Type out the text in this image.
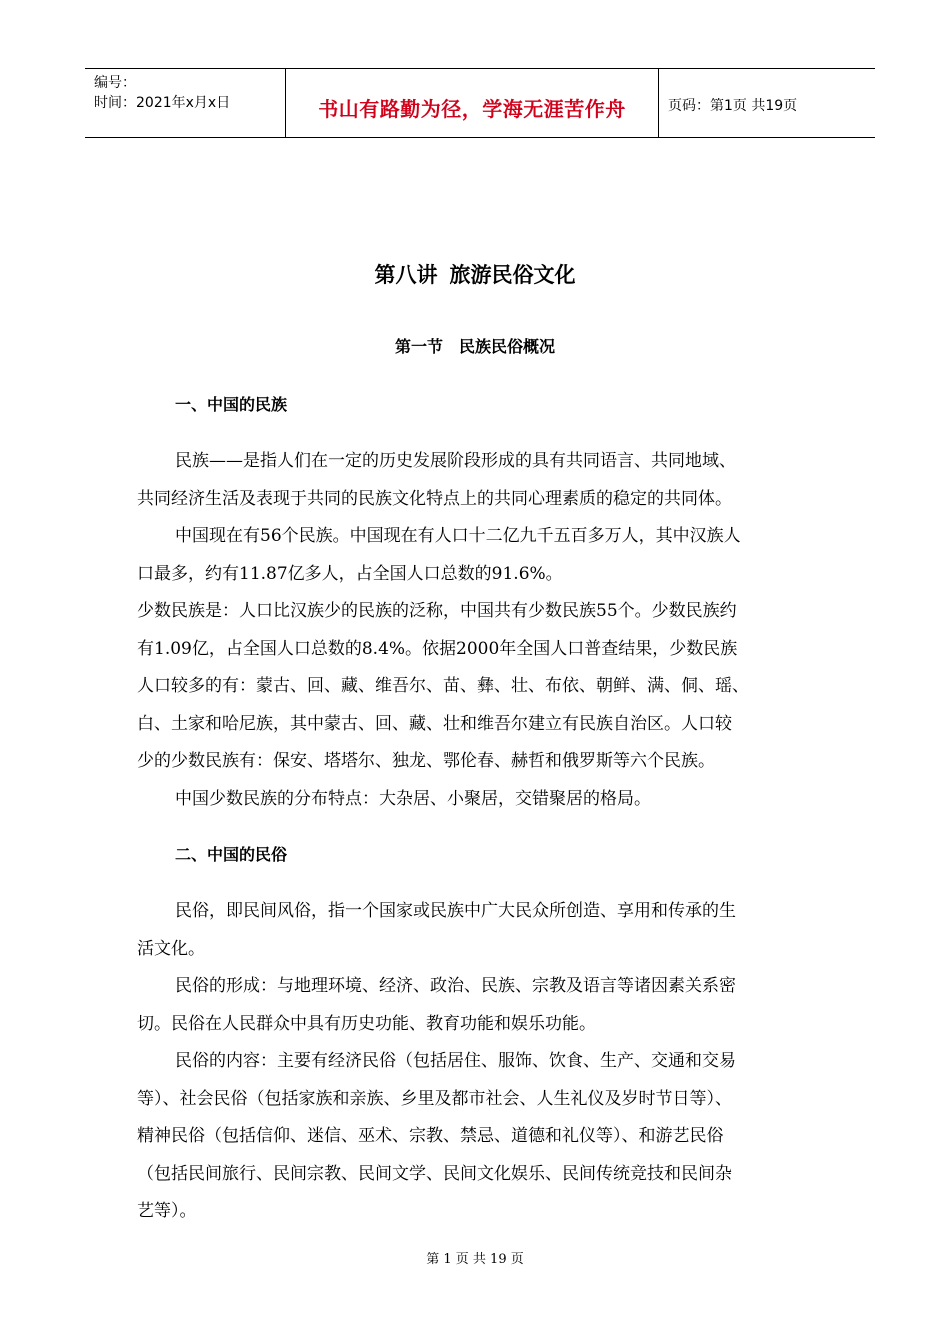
编号：
时间：2021年x月x日	书山有路勤为径，学海无涯苦作舟	页码：第1页 共19页
第八讲 旅游民俗文化
第一节 民族民俗概况
一、中国的民族
民族——是指人们在一定的历史发展阶段形成的具有共同语言、共同地域、
共同经济生活及表现于共同的民族文化特点上的共同心理素质的稳定的共同体。
中国现在有56个民族。中国现在有人口十二亿九千五百多万人，其中汉族人
口最多，约有11.87亿多人，占全国人口总数的91.6%。
少数民族是：人口比汉族少的民族的泛称，中国共有少数民族55个。少数民族约
有1.09亿，占全国人口总数的8.4%。依据2000年全国人口普查结果，少数民族
人口较多的有：蒙古、回、藏、维吾尔、苗、彝、壮、布依、朝鲜、满、侗、瑶、
白、土家和哈尼族，其中蒙古、回、藏、壮和维吾尔建立有民族自治区。人口较
少的少数民族有：保安、塔塔尔、独龙、鄂伦春、赫哲和俄罗斯等六个民族。
中国少数民族的分布特点：大杂居、小聚居，交错聚居的格局。
二、中国的民俗
民俗，即民间风俗，指一个国家或民族中广大民众所创造、享用和传承的生
活文化。
民俗的形成：与地理环境、经济、政治、民族、宗教及语言等诸因素关系密
切。民俗在人民群众中具有历史功能、教育功能和娱乐功能。
民俗的内容：主要有经济民俗（包括居住、服饰、饮食、生产、交通和交易
等）、社会民俗（包括家族和亲族、乡里及都市社会、人生礼仪及岁时节日等）、
精神民俗（包括信仰、迷信、巫术、宗教、禁忌、道德和礼仪等）、和游艺民俗
（包括民间旅行、民间宗教、民间文学、民间文化娱乐、民间传统竞技和民间杂
艺等）。
第 1 页 共 19 页
